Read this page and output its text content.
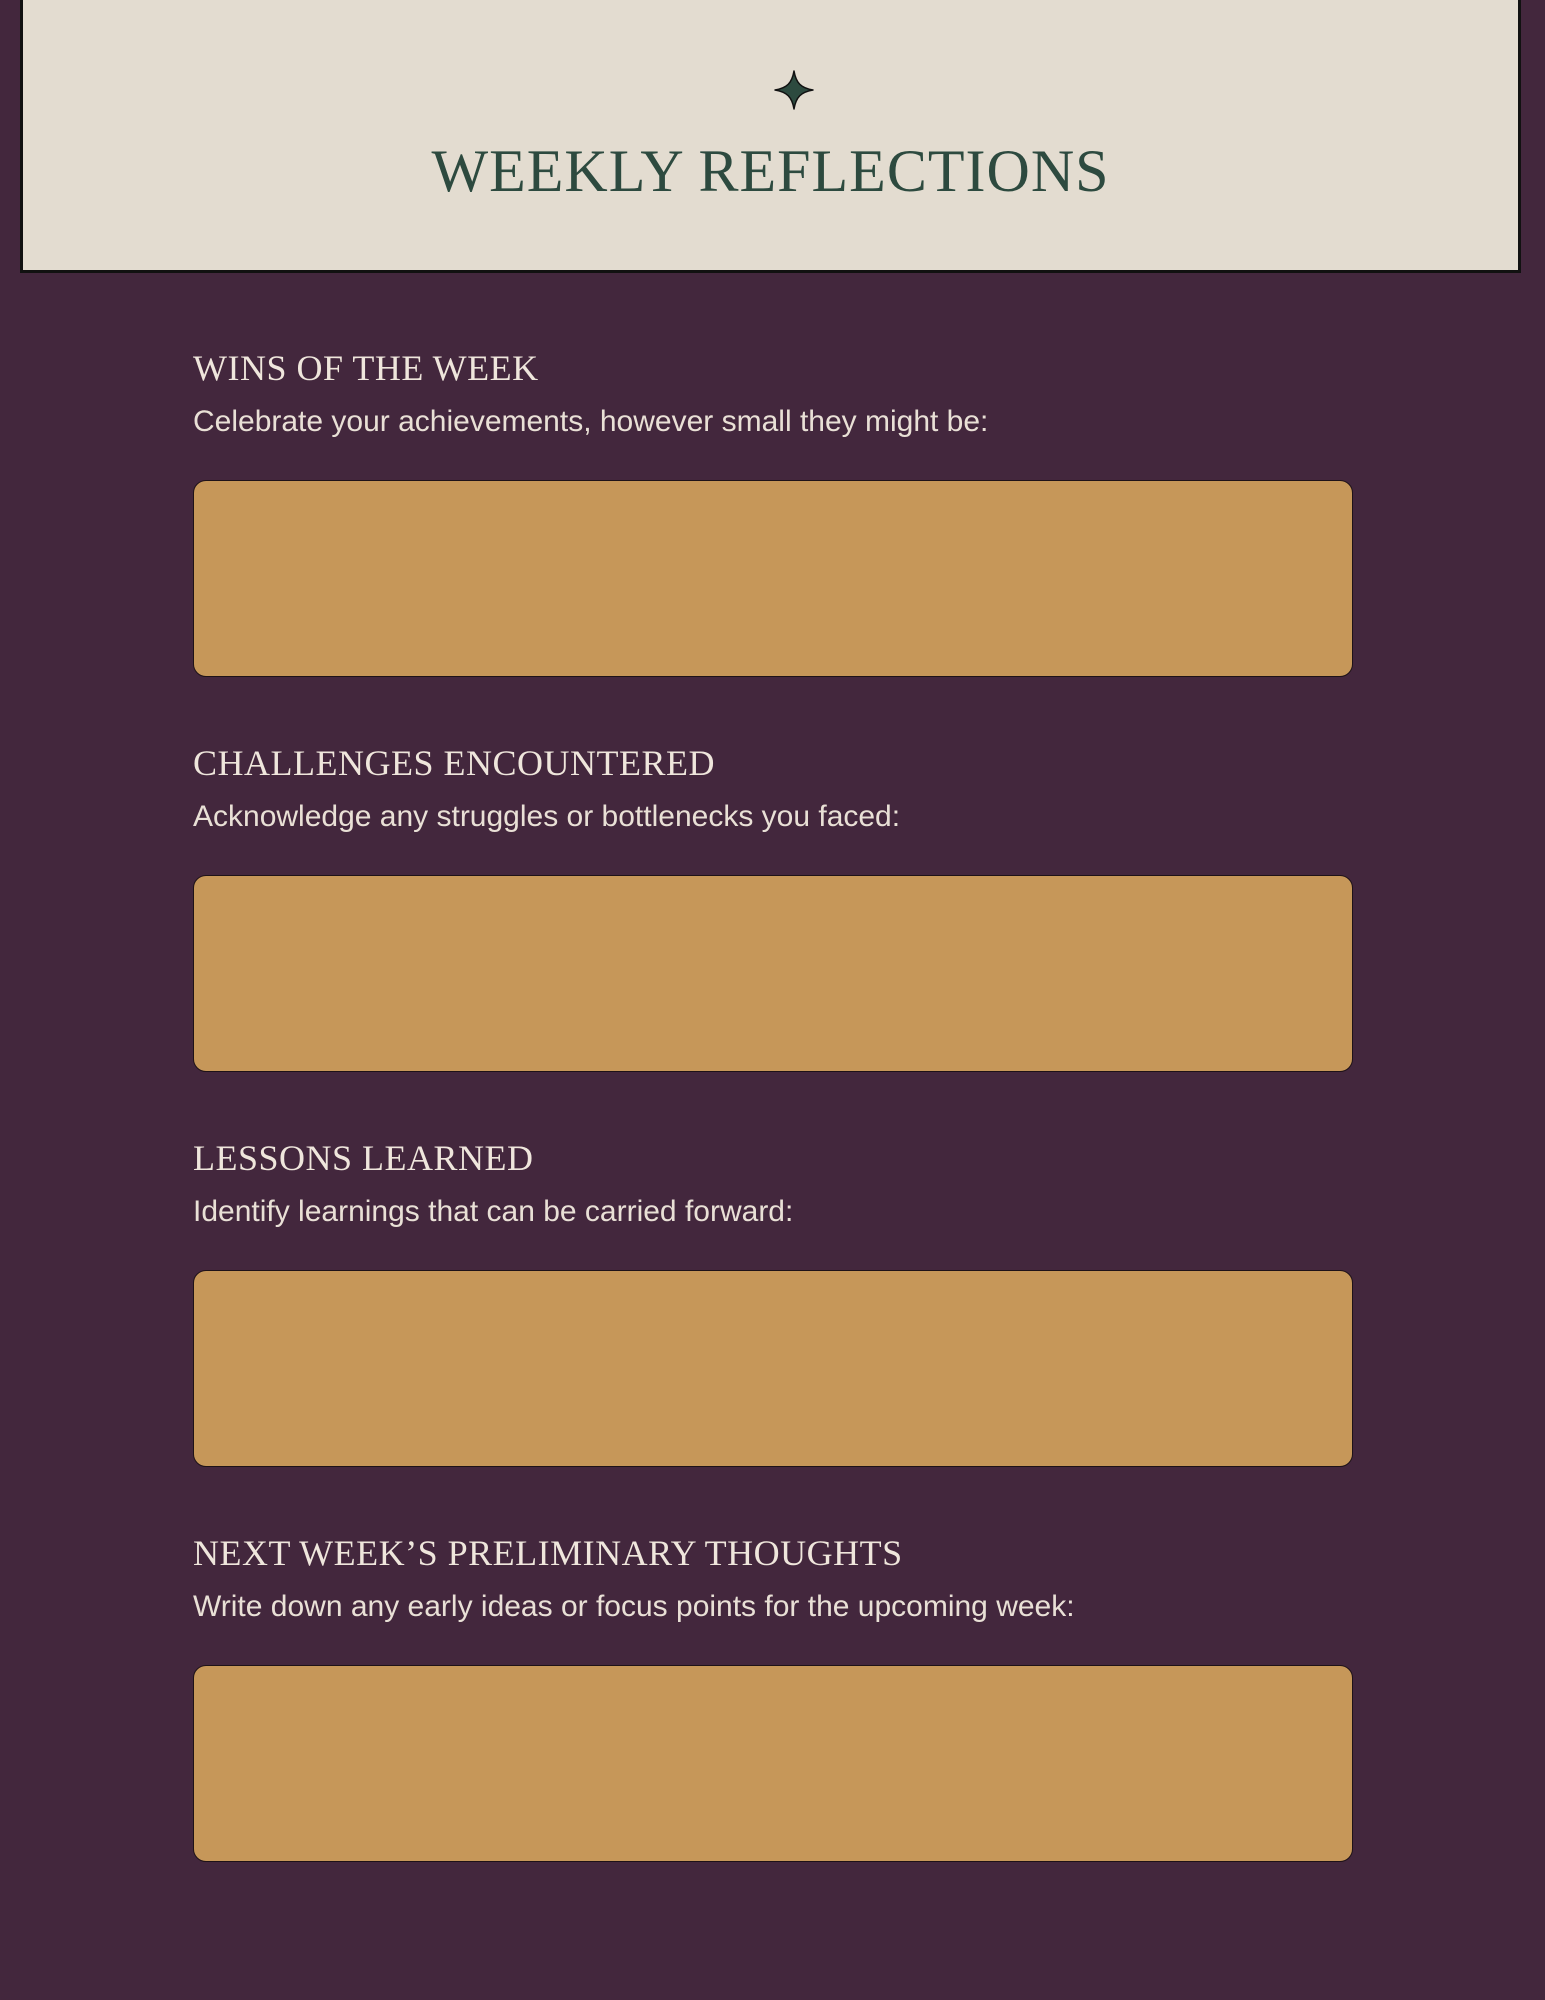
WEEKLY REFLECTIONS
WINS OF THE WEEK

Celebrate your achievements, however small they might be:

CHALLENGES ENCOUNTERED

Acknowledge any struggles or bottlenecks you faced:

LESSONS LEARNED

Identify learnings that can be carried forward:

NEXT WEEK’S PRELIMINARY THOUGHTS

Write down any early ideas or focus points for the upcoming week:
